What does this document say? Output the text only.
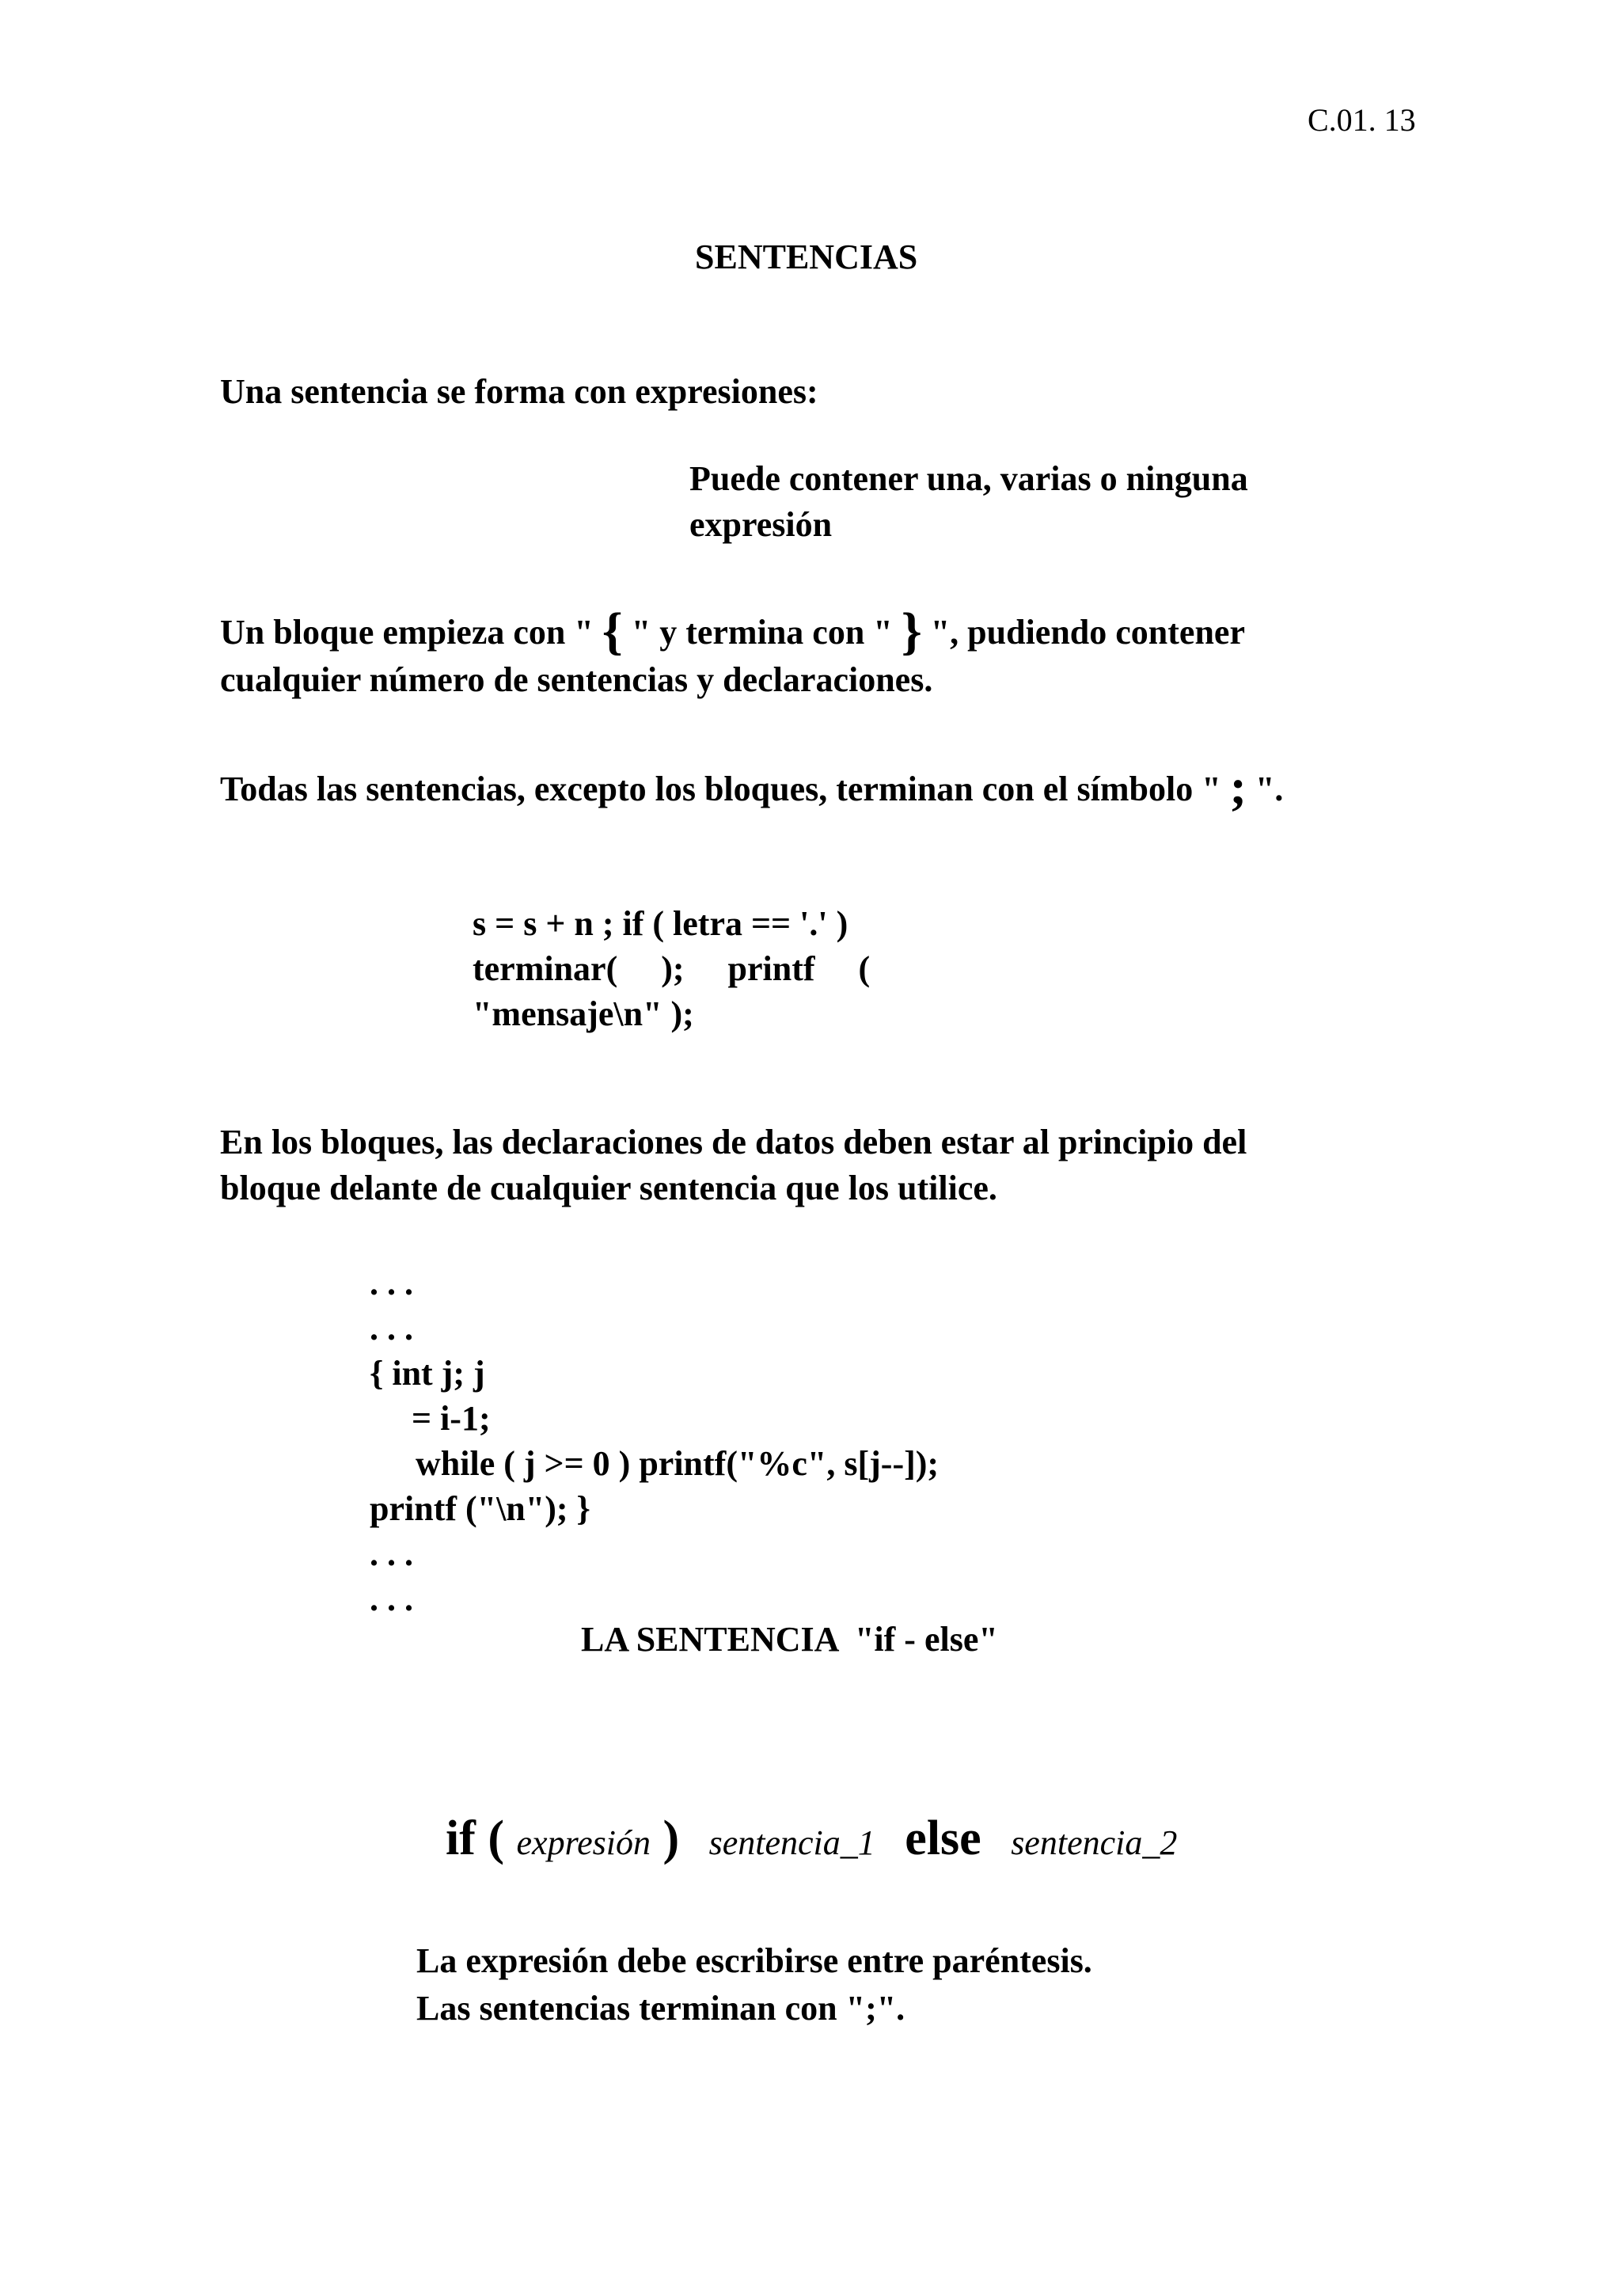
C.01. 13
SENTENCIAS
Una sentencia se forma con expresiones:
Puede contener una, varias o ninguna
expresión
Un bloque empieza con " { " y termina con " } ", pudiendo contener
cualquier número de sentencias y declaraciones.
Todas las sentencias, excepto los bloques, terminan con el símbolo " ; ".
s = s + n ; if ( letra == '.' )
terminar( ); printf (
"mensaje\n" );
En los bloques, las declaraciones de datos deben estar al principio del
bloque delante de cualquier sentencia que los utilice.
. . .
. . .
{ int j; j
= i-1;
while ( j >= 0 ) printf("%c", s[j--]);
printf ("\n"); }
. . .
. . .
LA SENTENCIA  "if - else"
if ( expresión ) sentencia_1 else sentencia_2
La expresión debe escribirse entre paréntesis.
Las sentencias terminan con ";".
